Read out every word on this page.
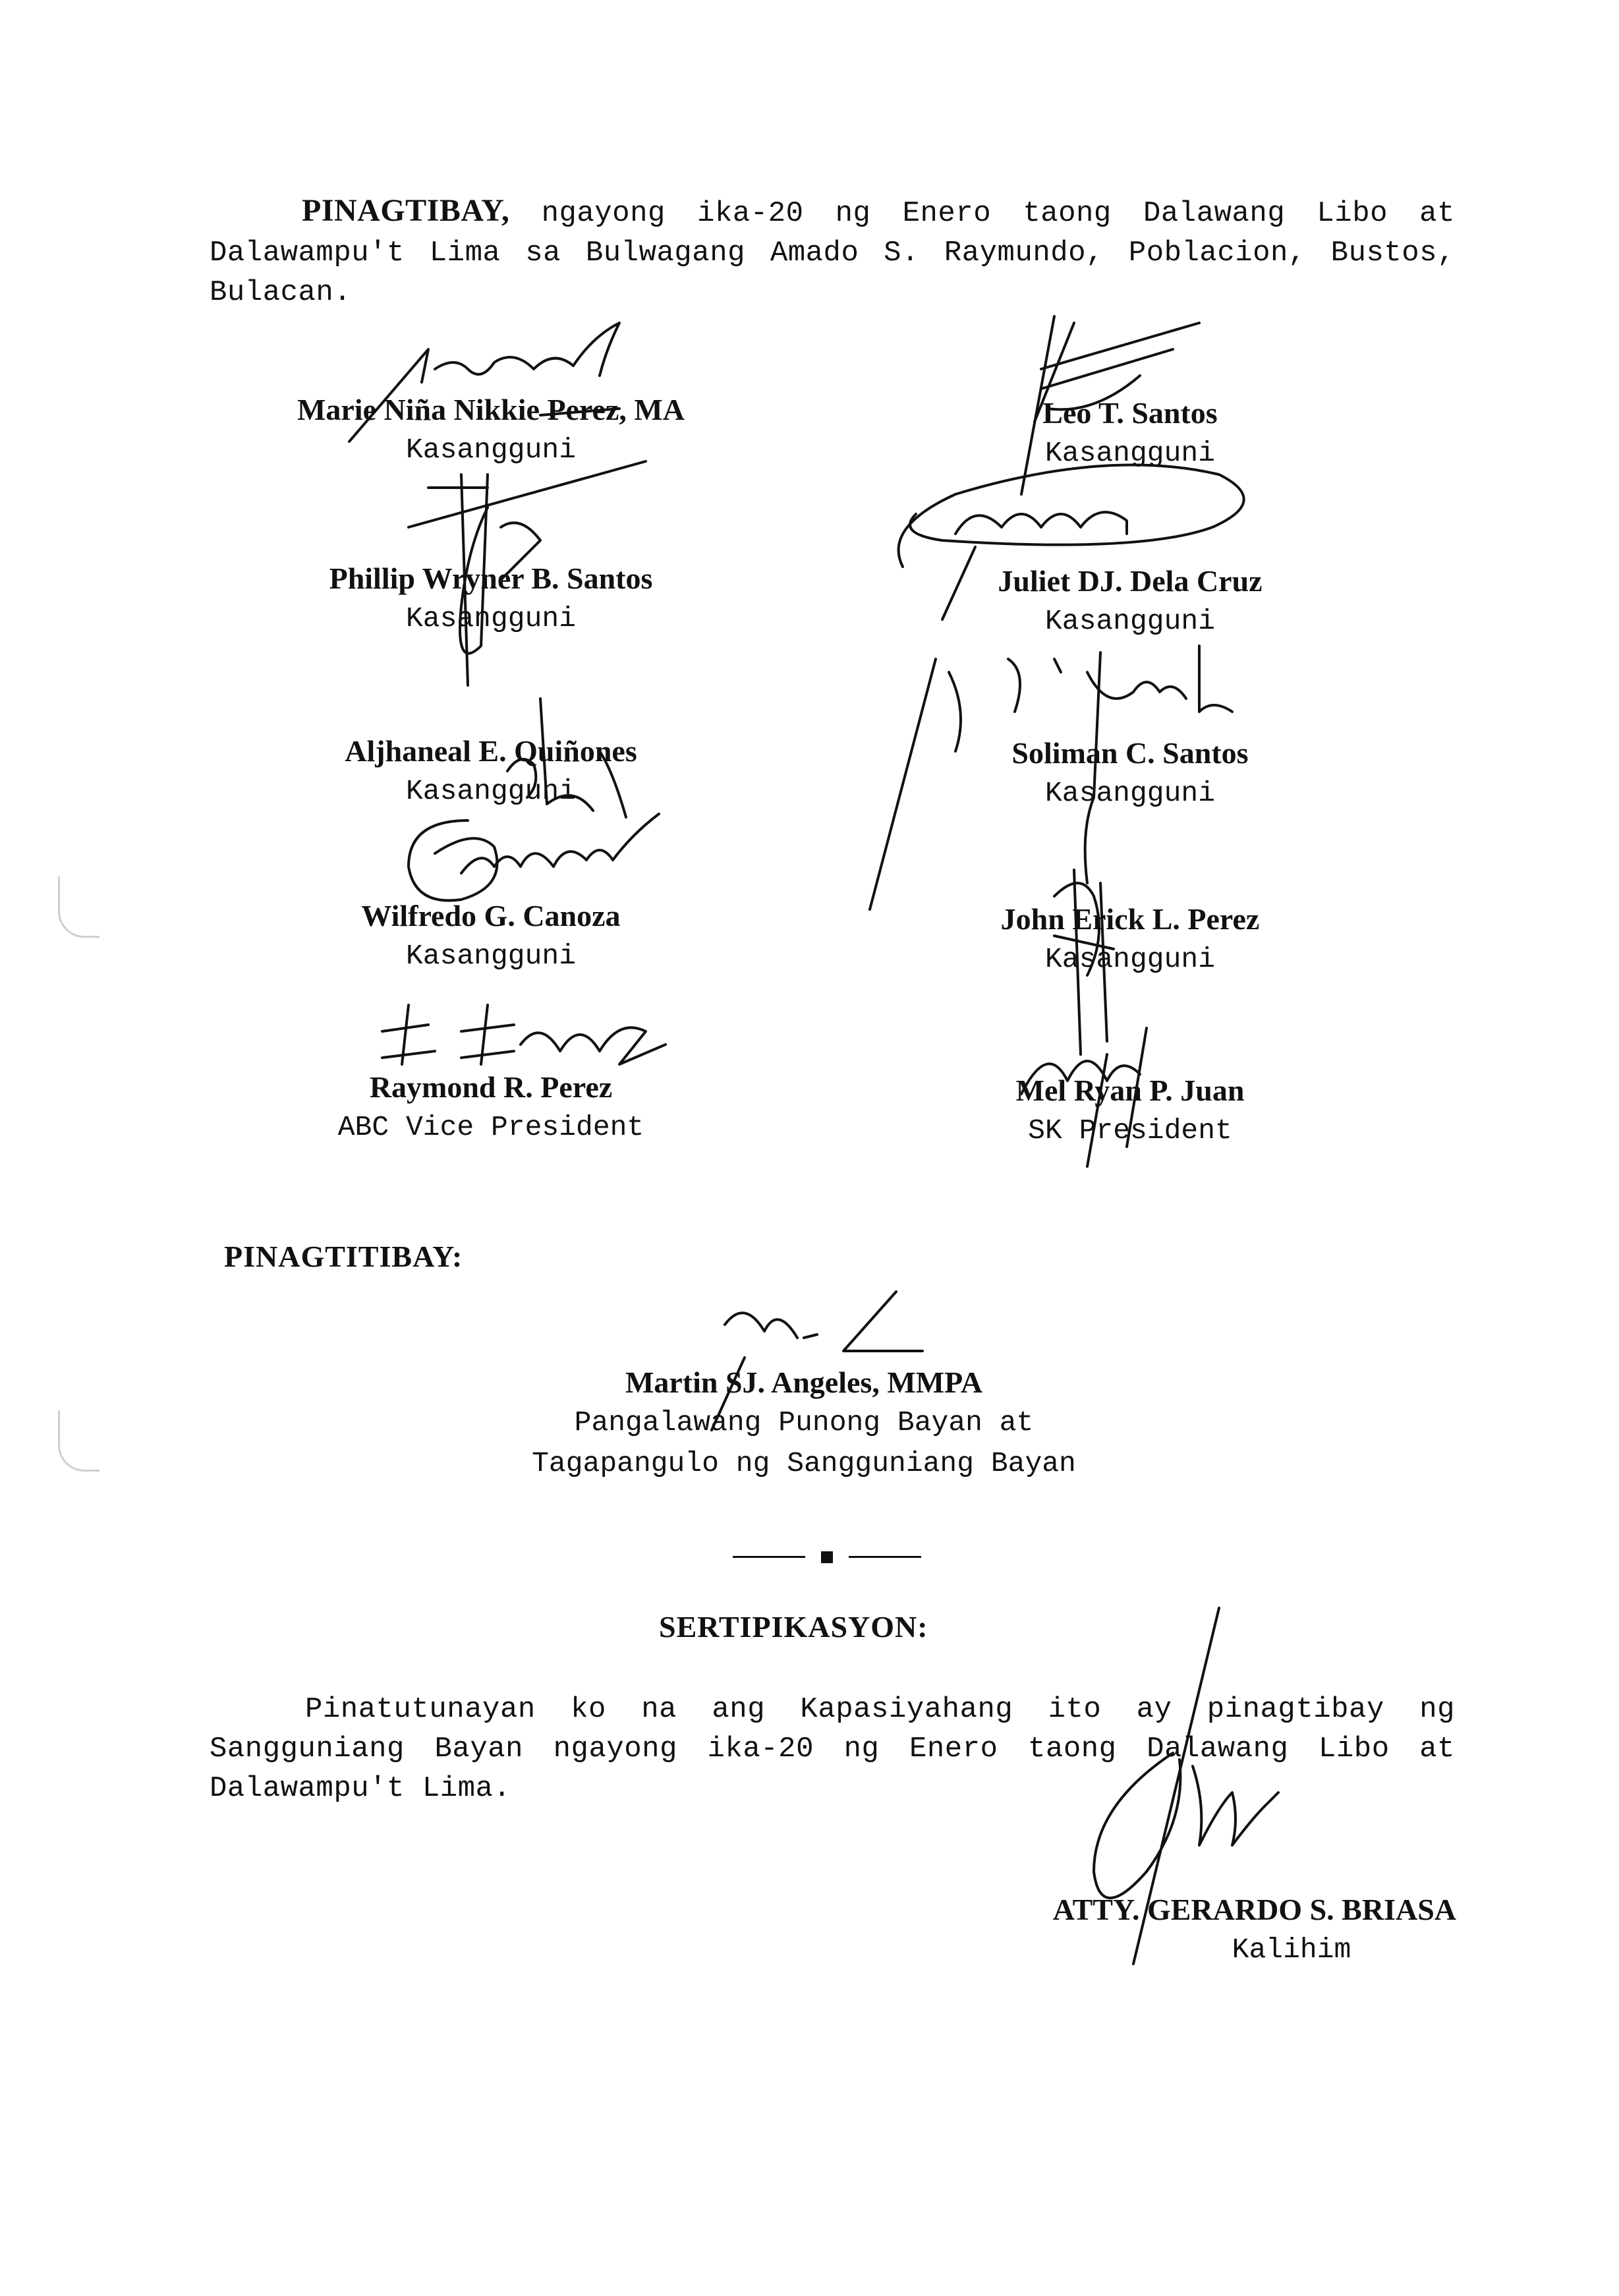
PINAGTIBAY, ngayong ika-20 ng Enero taong Dalawang Libo at Dalawampu't Lima sa Bulwagang Amado S. Raymundo, Poblacion, Bustos, Bulacan.
Marie Niña Nikkie Perez, MA
Kasangguni
Phillip Wryner B. Santos
Kasangguni
Aljhaneal E. Quiñones
Kasangguni
Wilfredo G. Canoza
Kasangguni
Raymond R. Perez
ABC Vice President
Leo T. Santos
Kasangguni
Juliet DJ. Dela Cruz
Kasangguni
Soliman C. Santos
Kasangguni
John Erick L. Perez
Kasangguni
Mel Ryan P. Juan
SK President
PINAGTITIBAY:
Martin SJ. Angeles, MMPA
Pangalawang Punong Bayan at
Tagapangulo ng Sangguniang Bayan
SERTIPIKASYON:
Pinatutunayan ko na ang Kapasiyahang ito ay pinagtibay ng Sangguniang Bayan ngayong ika-20 ng Enero taong Dalawang Libo at Dalawampu't Lima.
ATTY. GERARDO S. BRIASA
Kalihim
